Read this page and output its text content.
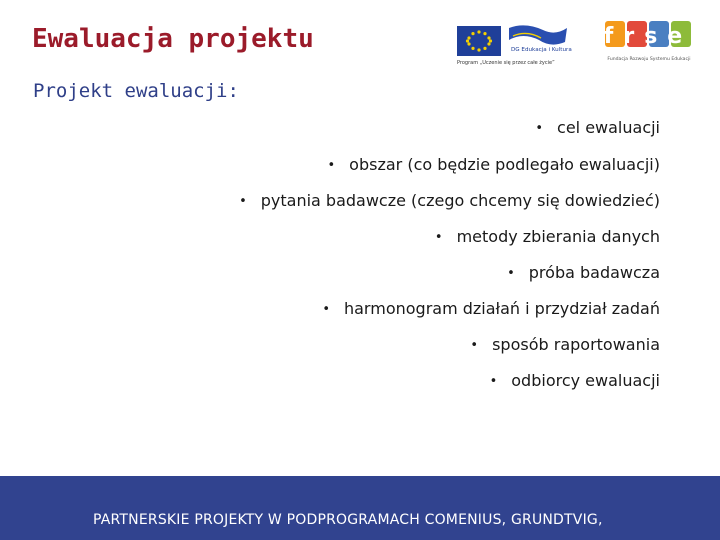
Ewaluacja projektu
Projekt ewaluacji:
DG Edukacja i Kultura
Program „Uczenie się przez całe życie”
frse
Fundacja Rozwoju Systemu Edukacji
• cel ewaluacji
• obszar (co będzie podlegało ewaluacji)
• pytania badawcze (czego chcemy się dowiedzieć)
• metody zbierania danych
• próba badawcza
• harmonogram działań i przydział zadań
• sposób raportowania
• odbiorcy ewaluacji
PARTNERSKIE PROJEKTY W PODPROGRAMACH COMENIUS, GRUNDTVIG,
